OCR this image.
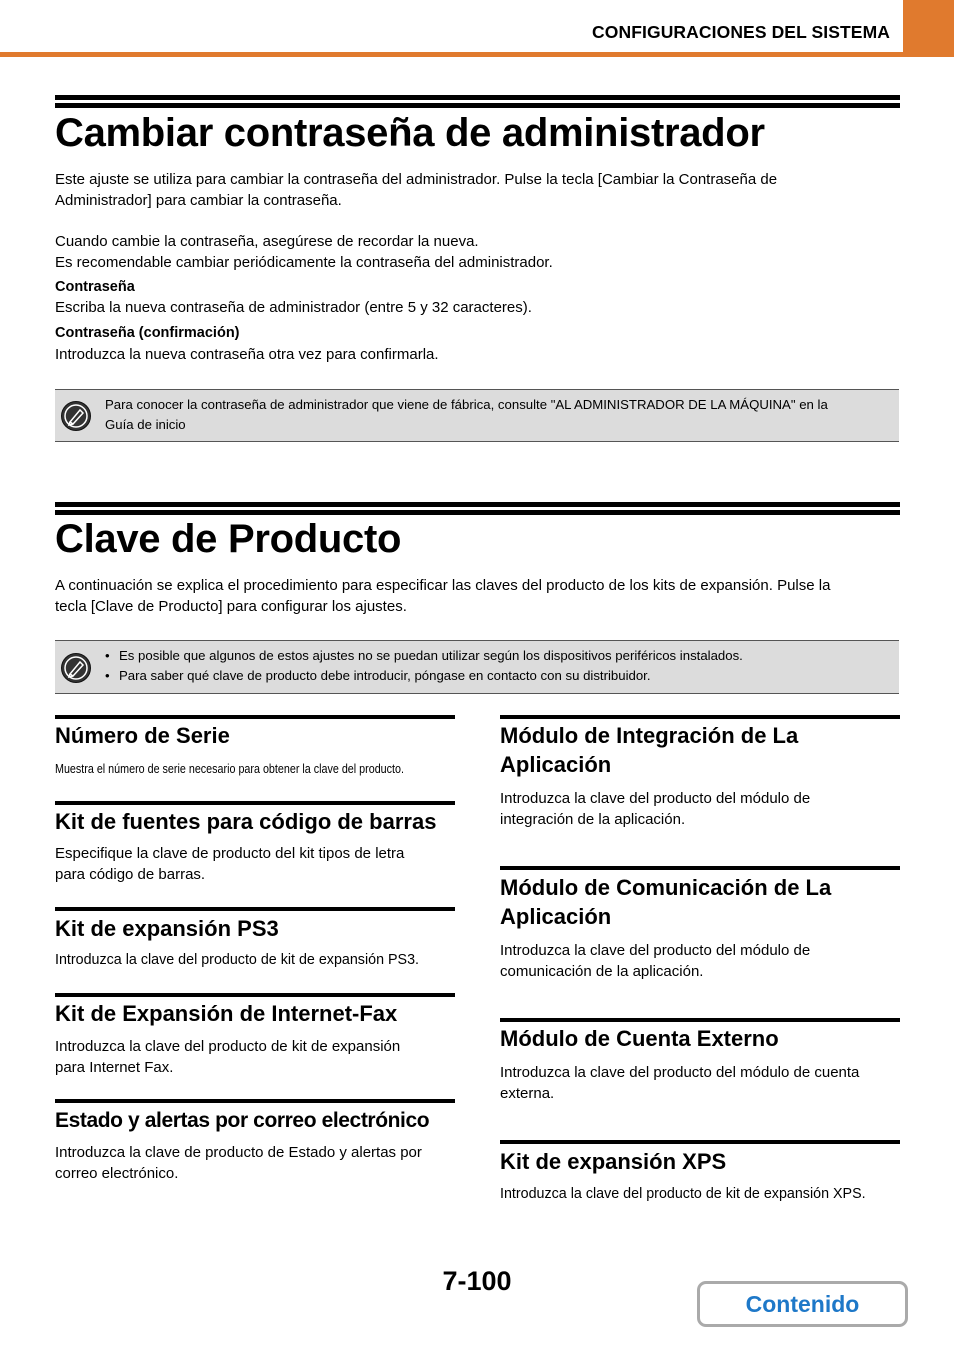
CONFIGURACIONES DEL SISTEMA
Cambiar contraseña de administrador

Este ajuste se utiliza para cambiar la contraseña del administrador. Pulse la tecla [Cambiar la Contraseña de
Administrador] para cambiar la contraseña.

Cuando cambie la contraseña, asegúrese de recordar la nueva.
Es recomendable cambiar periódicamente la contraseña del administrador.

Contraseña

Escriba la nueva contraseña de administrador (entre 5 y 32 caracteres).

Contraseña (confirmación)

Introduzca la nueva contraseña otra vez para confirmarla.

Para conocer la contraseña de administrador que viene de fábrica, consulte "AL ADMINISTRADOR DE LA MÁQUINA" en la
Guía de inicio
Clave de Producto

A continuación se explica el procedimiento para especificar las claves del producto de los kits de expansión. Pulse la
tecla [Clave de Producto] para configurar los ajustes.

• Es posible que algunos de estos ajustes no se puedan utilizar según los dispositivos periféricos instalados.
• Para saber qué clave de producto debe introducir, póngase en contacto con su distribuidor.
Número de Serie

Muestra el número de serie necesario para obtener la clave del producto.

Kit de fuentes para código de barras

Especifique la clave de producto del kit tipos de letra
para código de barras.

Kit de expansión PS3

Introduzca la clave del producto de kit de expansión PS3.

Kit de Expansión de Internet-Fax

Introduzca la clave del producto de kit de expansión
para Internet Fax.

Estado y alertas por correo electrónico

Introduzca la clave de producto de Estado y alertas por
correo electrónico.

Módulo de Integración de La
Aplicación

Introduzca la clave del producto del módulo de
integración de la aplicación.

Módulo de Comunicación de La
Aplicación

Introduzca la clave del producto del módulo de
comunicación de la aplicación.

Módulo de Cuenta Externo

Introduzca la clave del producto del módulo de cuenta
externa.

Kit de expansión XPS

Introduzca la clave del producto de kit de expansión XPS.

7-100
Contenido
